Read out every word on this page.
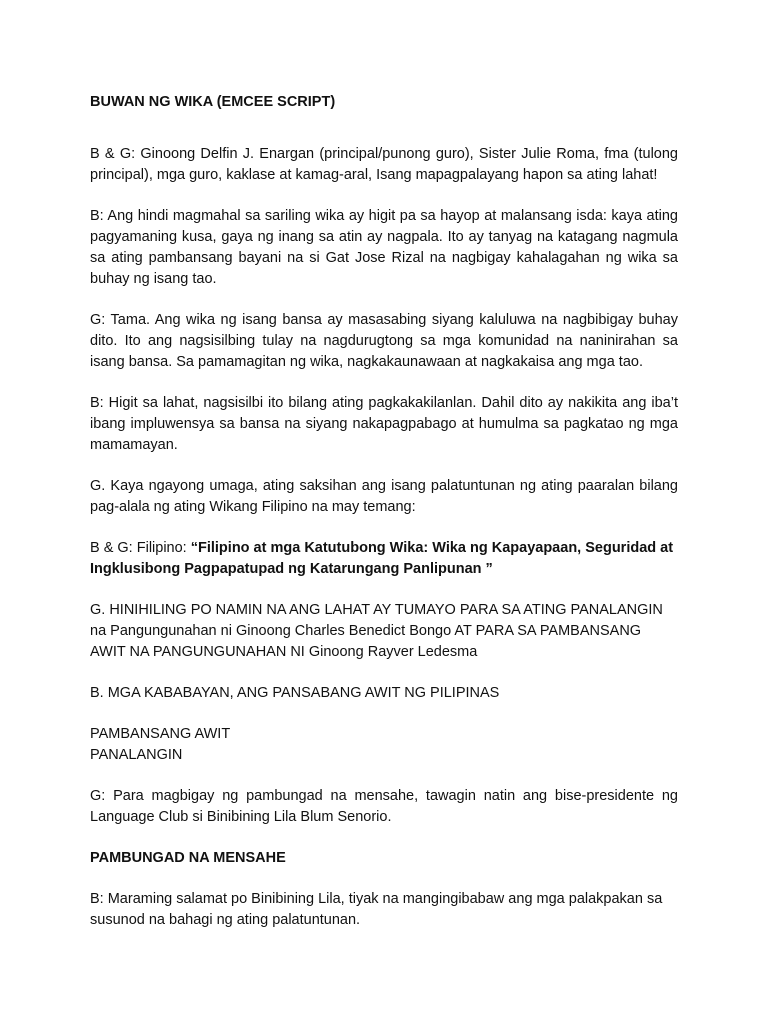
BUWAN NG WIKA (EMCEE SCRIPT)

B & G: Ginoong Delfin J. Enargan (principal/punong guro), Sister Julie Roma, fma (tulong principal), mga guro, kaklase at kamag-aral, Isang mapagpalayang hapon sa ating lahat!

B: Ang hindi magmahal sa sariling wika ay higit pa sa hayop at malansang isda: kaya ating pagyamaning kusa, gaya ng inang sa atin ay nagpala. Ito ay tanyag na katagang nagmula sa ating pambansang bayani na si Gat Jose Rizal na nagbigay kahalagahan ng wika sa buhay ng isang tao.

G: Tama. Ang wika ng isang bansa ay masasabing siyang kaluluwa na nagbibigay buhay dito. Ito ang nagsisilbing tulay na nagdurugtong sa mga komunidad na naninirahan sa isang bansa. Sa pamamagitan ng wika, nagkakaunawaan at nagkakaisa ang mga tao.

B: Higit sa lahat, nagsisilbi ito bilang ating pagkakakilanlan. Dahil dito ay nakikita ang iba’t ibang impluwensya sa bansa na siyang nakapagpabago at humulma sa pagkatao ng mga mamamayan.

G. Kaya ngayong umaga, ating saksihan ang isang palatuntunan ng ating paaralan bilang pag-alala ng ating Wikang Filipino na may temang:

B & G: Filipino: “Filipino at mga Katutubong Wika: Wika ng Kapayapaan, Seguridad at Ingklusibong Pagpapatupad ng Katarungang Panlipunan ”

G. HINIHILING PO NAMIN NA ANG LAHAT AY TUMAYO PARA SA ATING PANALANGIN na Pangungunahan ni Ginoong Charles Benedict Bongo AT PARA SA PAMBANSANG AWIT NA PANGUNGUNAHAN NI Ginoong Rayver Ledesma

B. MGA KABABAYAN, ANG PANSABANG AWIT NG PILIPINAS

PAMBANSANG AWIT
PANALANGIN

G: Para magbigay ng pambungad na mensahe, tawagin natin ang bise-presidente ng Language Club si Binibining Lila Blum Senorio.

PAMBUNGAD NA MENSAHE

B: Maraming salamat po Binibining Lila, tiyak na mangingibabaw ang mga palakpakan sa susunod na bahagi ng ating palatuntunan.
